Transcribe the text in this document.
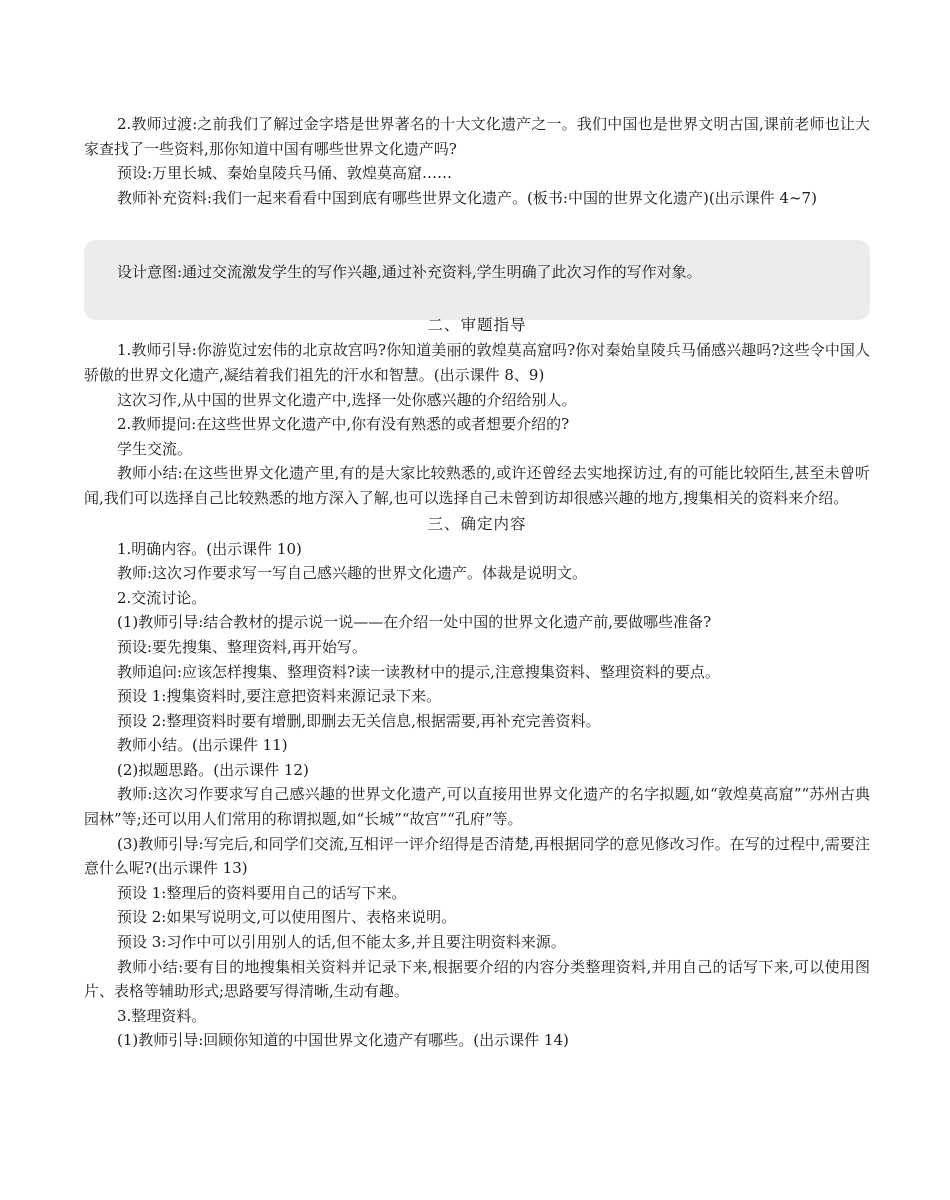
2.教师过渡:之前我们了解过金字塔是世界著名的十大文化遗产之一。我们中国也是世界文明古国,课前老师也让大家查找了一些资料,那你知道中国有哪些世界文化遗产吗?

预设:万里长城、秦始皇陵兵马俑、敦煌莫高窟……

教师补充资料:我们一起来看看中国到底有哪些世界文化遗产。(板书:中国的世界文化遗产)(出示课件 4~7)

设计意图:通过交流激发学生的写作兴趣,通过补充资料,学生明确了此次习作的写作对象。

二、审题指导

1.教师引导:你游览过宏伟的北京故宫吗?你知道美丽的敦煌莫高窟吗?你对秦始皇陵兵马俑感兴趣吗?这些令中国人骄傲的世界文化遗产,凝结着我们祖先的汗水和智慧。(出示课件 8、9)

这次习作,从中国的世界文化遗产中,选择一处你感兴趣的介绍给别人。

2.教师提问:在这些世界文化遗产中,你有没有熟悉的或者想要介绍的?

学生交流。

教师小结:在这些世界文化遗产里,有的是大家比较熟悉的,或许还曾经去实地探访过,有的可能比较陌生,甚至未曾听闻,我们可以选择自己比较熟悉的地方深入了解,也可以选择自己未曾到访却很感兴趣的地方,搜集相关的资料来介绍。

三、确定内容

1.明确内容。(出示课件 10)

教师:这次习作要求写一写自己感兴趣的世界文化遗产。体裁是说明文。

2.交流讨论。

(1)教师引导:结合教材的提示说一说——在介绍一处中国的世界文化遗产前,要做哪些准备?

预设:要先搜集、整理资料,再开始写。

教师追问:应该怎样搜集、整理资料?读一读教材中的提示,注意搜集资料、整理资料的要点。

预设 1:搜集资料时,要注意把资料来源记录下来。

预设 2:整理资料时要有增删,即删去无关信息,根据需要,再补充完善资料。

教师小结。(出示课件 11)

(2)拟题思路。(出示课件 12)

教师:这次习作要求写自己感兴趣的世界文化遗产,可以直接用世界文化遗产的名字拟题,如“敦煌莫高窟”“苏州古典园林”等;还可以用人们常用的称谓拟题,如“长城”“故宫”“孔府”等。

(3)教师引导:写完后,和同学们交流,互相评一评介绍得是否清楚,再根据同学的意见修改习作。在写的过程中,需要注意什么呢?(出示课件 13)

预设 1:整理后的资料要用自己的话写下来。

预设 2:如果写说明文,可以使用图片、表格来说明。

预设 3:习作中可以引用别人的话,但不能太多,并且要注明资料来源。

教师小结:要有目的地搜集相关资料并记录下来,根据要介绍的内容分类整理资料,并用自己的话写下来,可以使用图片、表格等辅助形式;思路要写得清晰,生动有趣。

3.整理资料。

(1)教师引导:回顾你知道的中国世界文化遗产有哪些。(出示课件 14)
